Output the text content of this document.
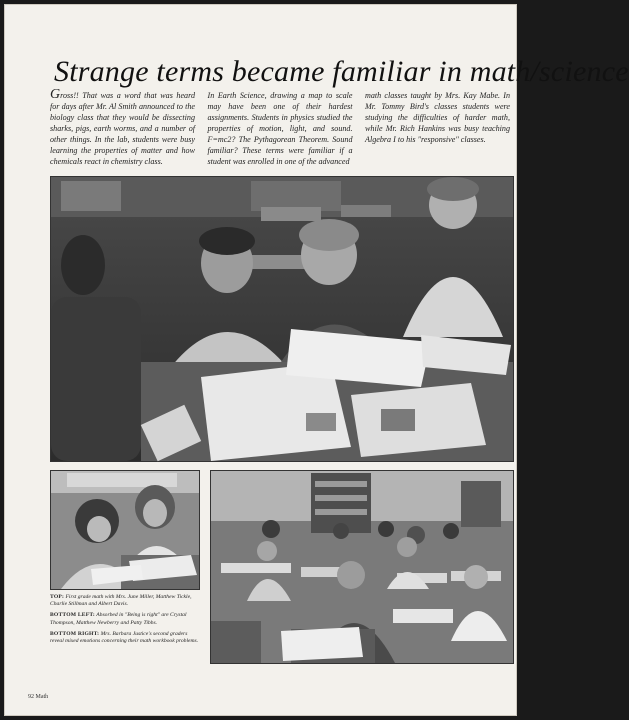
Strange terms became familiar in math/science

Gross!! That was a word that was heard for days after Mr. Al Smith announced to the biology class that they would be dissecting sharks, pigs, earth worms, and a number of other things. In the lab, students were busy learning the properties of matter and how chemicals react in chemistry class.

In Earth Science, drawing a map to scale may have been one of their hardest assignments. Students in physics studied the properties of motion, light, and sound. F=mc2? The Pythagorean Theorem. Sound familiar? These terms were familiar if a student was enrolled in one of the advanced

math classes taught by Mrs. Kay Mabe. In Mr. Tommy Bird's classes students were studying the difficulties of harder math, while Mr. Rich Hankins was busy teaching Algebra I to his "responsive" classes.

TOP: First grade math with Mrs. June Miller, Matthew Tickle, Charlie Stillman and Albert Davis.

BOTTOM LEFT: Absorbed in "Being is right" are Crystal Thompson, Matthew Newberry and Patty Tibbs.

BOTTOM RIGHT: Mrs. Barbara Justice's second graders reveal mixed emotions concerning their math workbook problems.

92 Math
